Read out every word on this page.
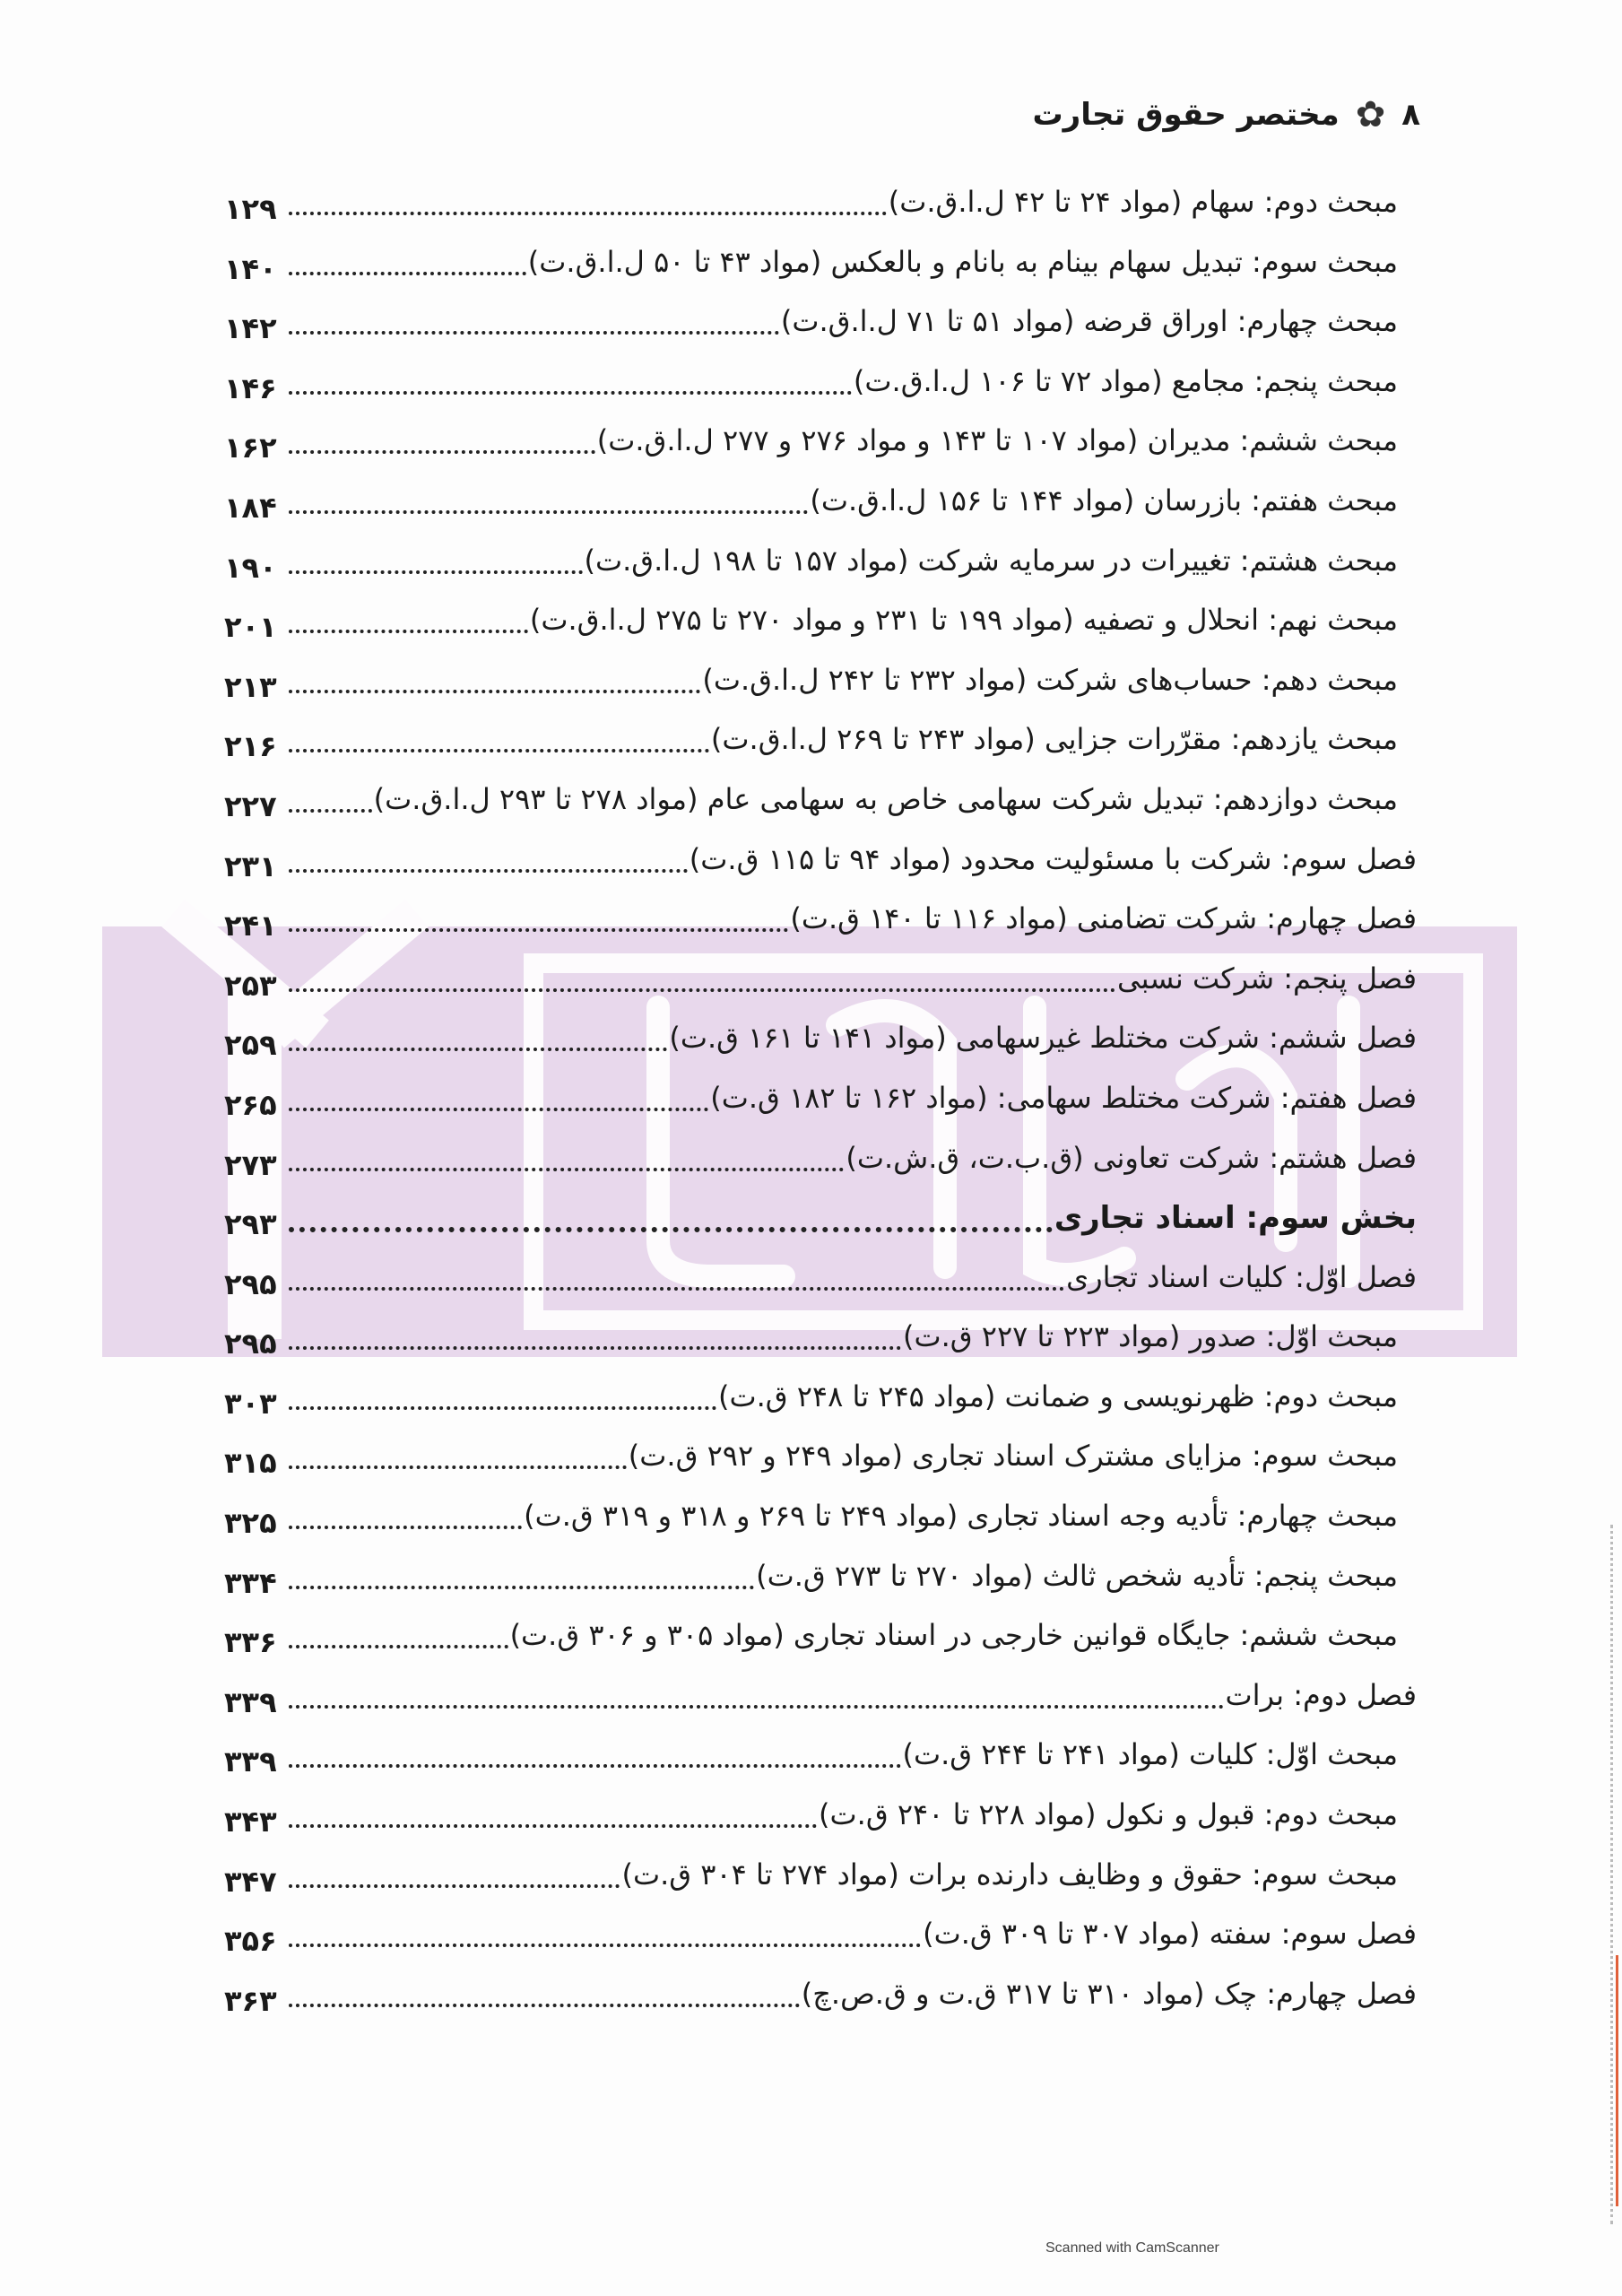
۸
✿
مختصر حقوق تجارت
مبحث دوم: سهام (مواد ۲۴ تا ۴۲ ل.ا.ق.ت)
۱۲۹
مبحث سوم: تبدیل سهام بینام به بانام و بالعکس (مواد ۴۳ تا ۵۰ ل.ا.ق.ت)
۱۴۰
مبحث چهارم: اوراق قرضه (مواد ۵۱ تا ۷۱ ل.ا.ق.ت)
۱۴۲
مبحث پنجم: مجامع (مواد ۷۲ تا ۱۰۶ ل.ا.ق.ت)
۱۴۶
مبحث ششم: مدیران (مواد ۱۰۷ تا ۱۴۳ و مواد ۲۷۶ و ۲۷۷ ل.ا.ق.ت)
۱۶۲
مبحث هفتم: بازرسان (مواد ۱۴۴ تا ۱۵۶ ل.ا.ق.ت)
۱۸۴
مبحث هشتم: تغییرات در سرمایه شرکت (مواد ۱۵۷ تا ۱۹۸ ل.ا.ق.ت)
۱۹۰
مبحث نهم: انحلال و تصفیه (مواد ۱۹۹ تا ۲۳۱ و مواد ۲۷۰ تا ۲۷۵ ل.ا.ق.ت)
۲۰۱
مبحث دهم: حساب‌های شرکت (مواد ۲۳۲ تا ۲۴۲ ل.ا.ق.ت)
۲۱۳
مبحث یازدهم: مقرّرات جزایی (مواد ۲۴۳ تا ۲۶۹ ل.ا.ق.ت)
۲۱۶
مبحث دوازدهم: تبدیل شرکت سهامی خاص به سهامی عام (مواد ۲۷۸ تا ۲۹۳ ل.ا.ق.ت)
۲۲۷
فصل سوم: شرکت با مسئولیت محدود (مواد ۹۴ تا ۱۱۵ ق.ت)
۲۳۱
فصل چهارم: شرکت تضامنی (مواد ۱۱۶ تا ۱۴۰ ق.ت)
۲۴۱
فصل پنجم: شرکت نسبی
۲۵۳
فصل ششم: شرکت مختلط غیرسهامی (مواد ۱۴۱ تا ۱۶۱ ق.ت)
۲۵۹
فصل هفتم: شرکت مختلط سهامی: (مواد ۱۶۲ تا ۱۸۲ ق.ت)
۲۶۵
فصل هشتم: شرکت تعاونی (ق.ب.ت، ق.ش.ت)
۲۷۳
بخش سوم: اسناد تجاری
۲۹۳
فصل اوّل: کلیات اسناد تجاری
۲۹۵
مبحث اوّل: صدور (مواد ۲۲۳ تا ۲۲۷ ق.ت)
۲۹۵
مبحث دوم: ظهرنویسی و ضمانت (مواد ۲۴۵ تا ۲۴۸ ق.ت)
۳۰۳
مبحث سوم: مزایای مشترک اسناد تجاری (مواد ۲۴۹ و ۲۹۲ ق.ت)
۳۱۵
مبحث چهارم: تأدیه وجه اسناد تجاری (مواد ۲۴۹ تا ۲۶۹ و ۳۱۸ و ۳۱۹ ق.ت)
۳۲۵
مبحث پنجم: تأدیه شخص ثالث (مواد ۲۷۰ تا ۲۷۳ ق.ت)
۳۳۴
مبحث ششم: جایگاه قوانین خارجی در اسناد تجاری (مواد ۳۰۵ و ۳۰۶ ق.ت)
۳۳۶
فصل دوم: برات
۳۳۹
مبحث اوّل: کلیات (مواد ۲۴۱ تا ۲۴۴ ق.ت)
۳۳۹
مبحث دوم: قبول و نکول (مواد ۲۲۸ تا ۲۴۰ ق.ت)
۳۴۳
مبحث سوم: حقوق و وظایف دارنده برات (مواد ۲۷۴ تا ۳۰۴ ق.ت)
۳۴۷
فصل سوم: سفته (مواد ۳۰۷ تا ۳۰۹ ق.ت)
۳۵۶
فصل چهارم: چک (مواد ۳۱۰ تا ۳۱۷ ق.ت و ق.ص.چ)
۳۶۳
Scanned with CamScanner
